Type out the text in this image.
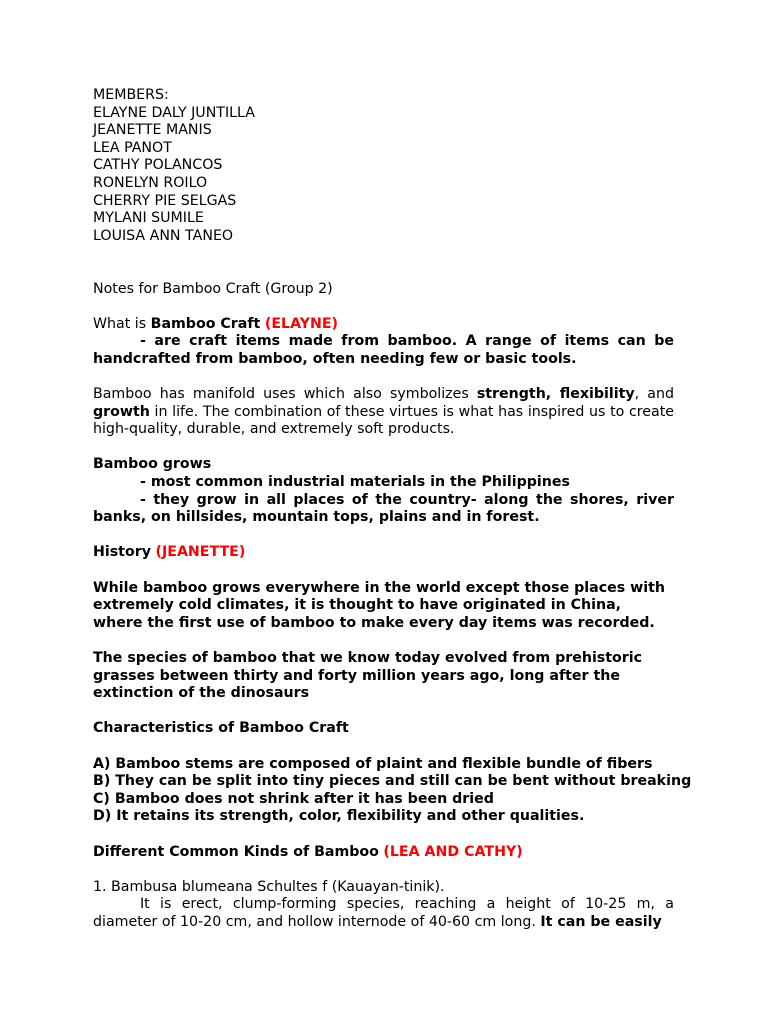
MEMBERS:

ELAYNE DALY JUNTILLA

JEANETTE MANIS

LEA PANOT

CATHY POLANCOS

RONELYN ROILO

CHERRY PIE SELGAS

MYLANI SUMILE

LOUISA ANN TANEO

Notes for Bamboo Craft (Group 2)

What is Bamboo Craft (ELAYNE)

- are craft items made from bamboo. A range of items can be handcrafted from bamboo, often needing few or basic tools.

Bamboo has manifold uses which also symbolizes strength, flexibility, and growth in life. The combination of these virtues is what has inspired us to create high-quality, durable, and extremely soft products.

Bamboo grows

- most common industrial materials in the Philippines

- they grow in all places of the country- along the shores, river banks, on hillsides, mountain tops, plains and in forest.

History (JEANETTE)

While bamboo grows everywhere in the world except those places with extremely cold climates, it is thought to have originated in China, where the first use of bamboo to make every day items was recorded.

The species of bamboo that we know today evolved from prehistoric grasses between thirty and forty million years ago, long after the extinction of the dinosaurs

Characteristics of Bamboo Craft

A) Bamboo stems are composed of plaint and flexible bundle of fibers

B) They can be split into tiny pieces and still can be bent without breaking

C) Bamboo does not shrink after it has been dried

D) It retains its strength, color, flexibility and other qualities.

Different Common Kinds of Bamboo (LEA AND CATHY)

1. Bambusa blumeana Schultes f (Kauayan-tinik).

It is erect, clump-forming species, reaching a height of 10-25 m, a diameter of 10-20 cm, and hollow internode of 40-60 cm long. It can be easily
